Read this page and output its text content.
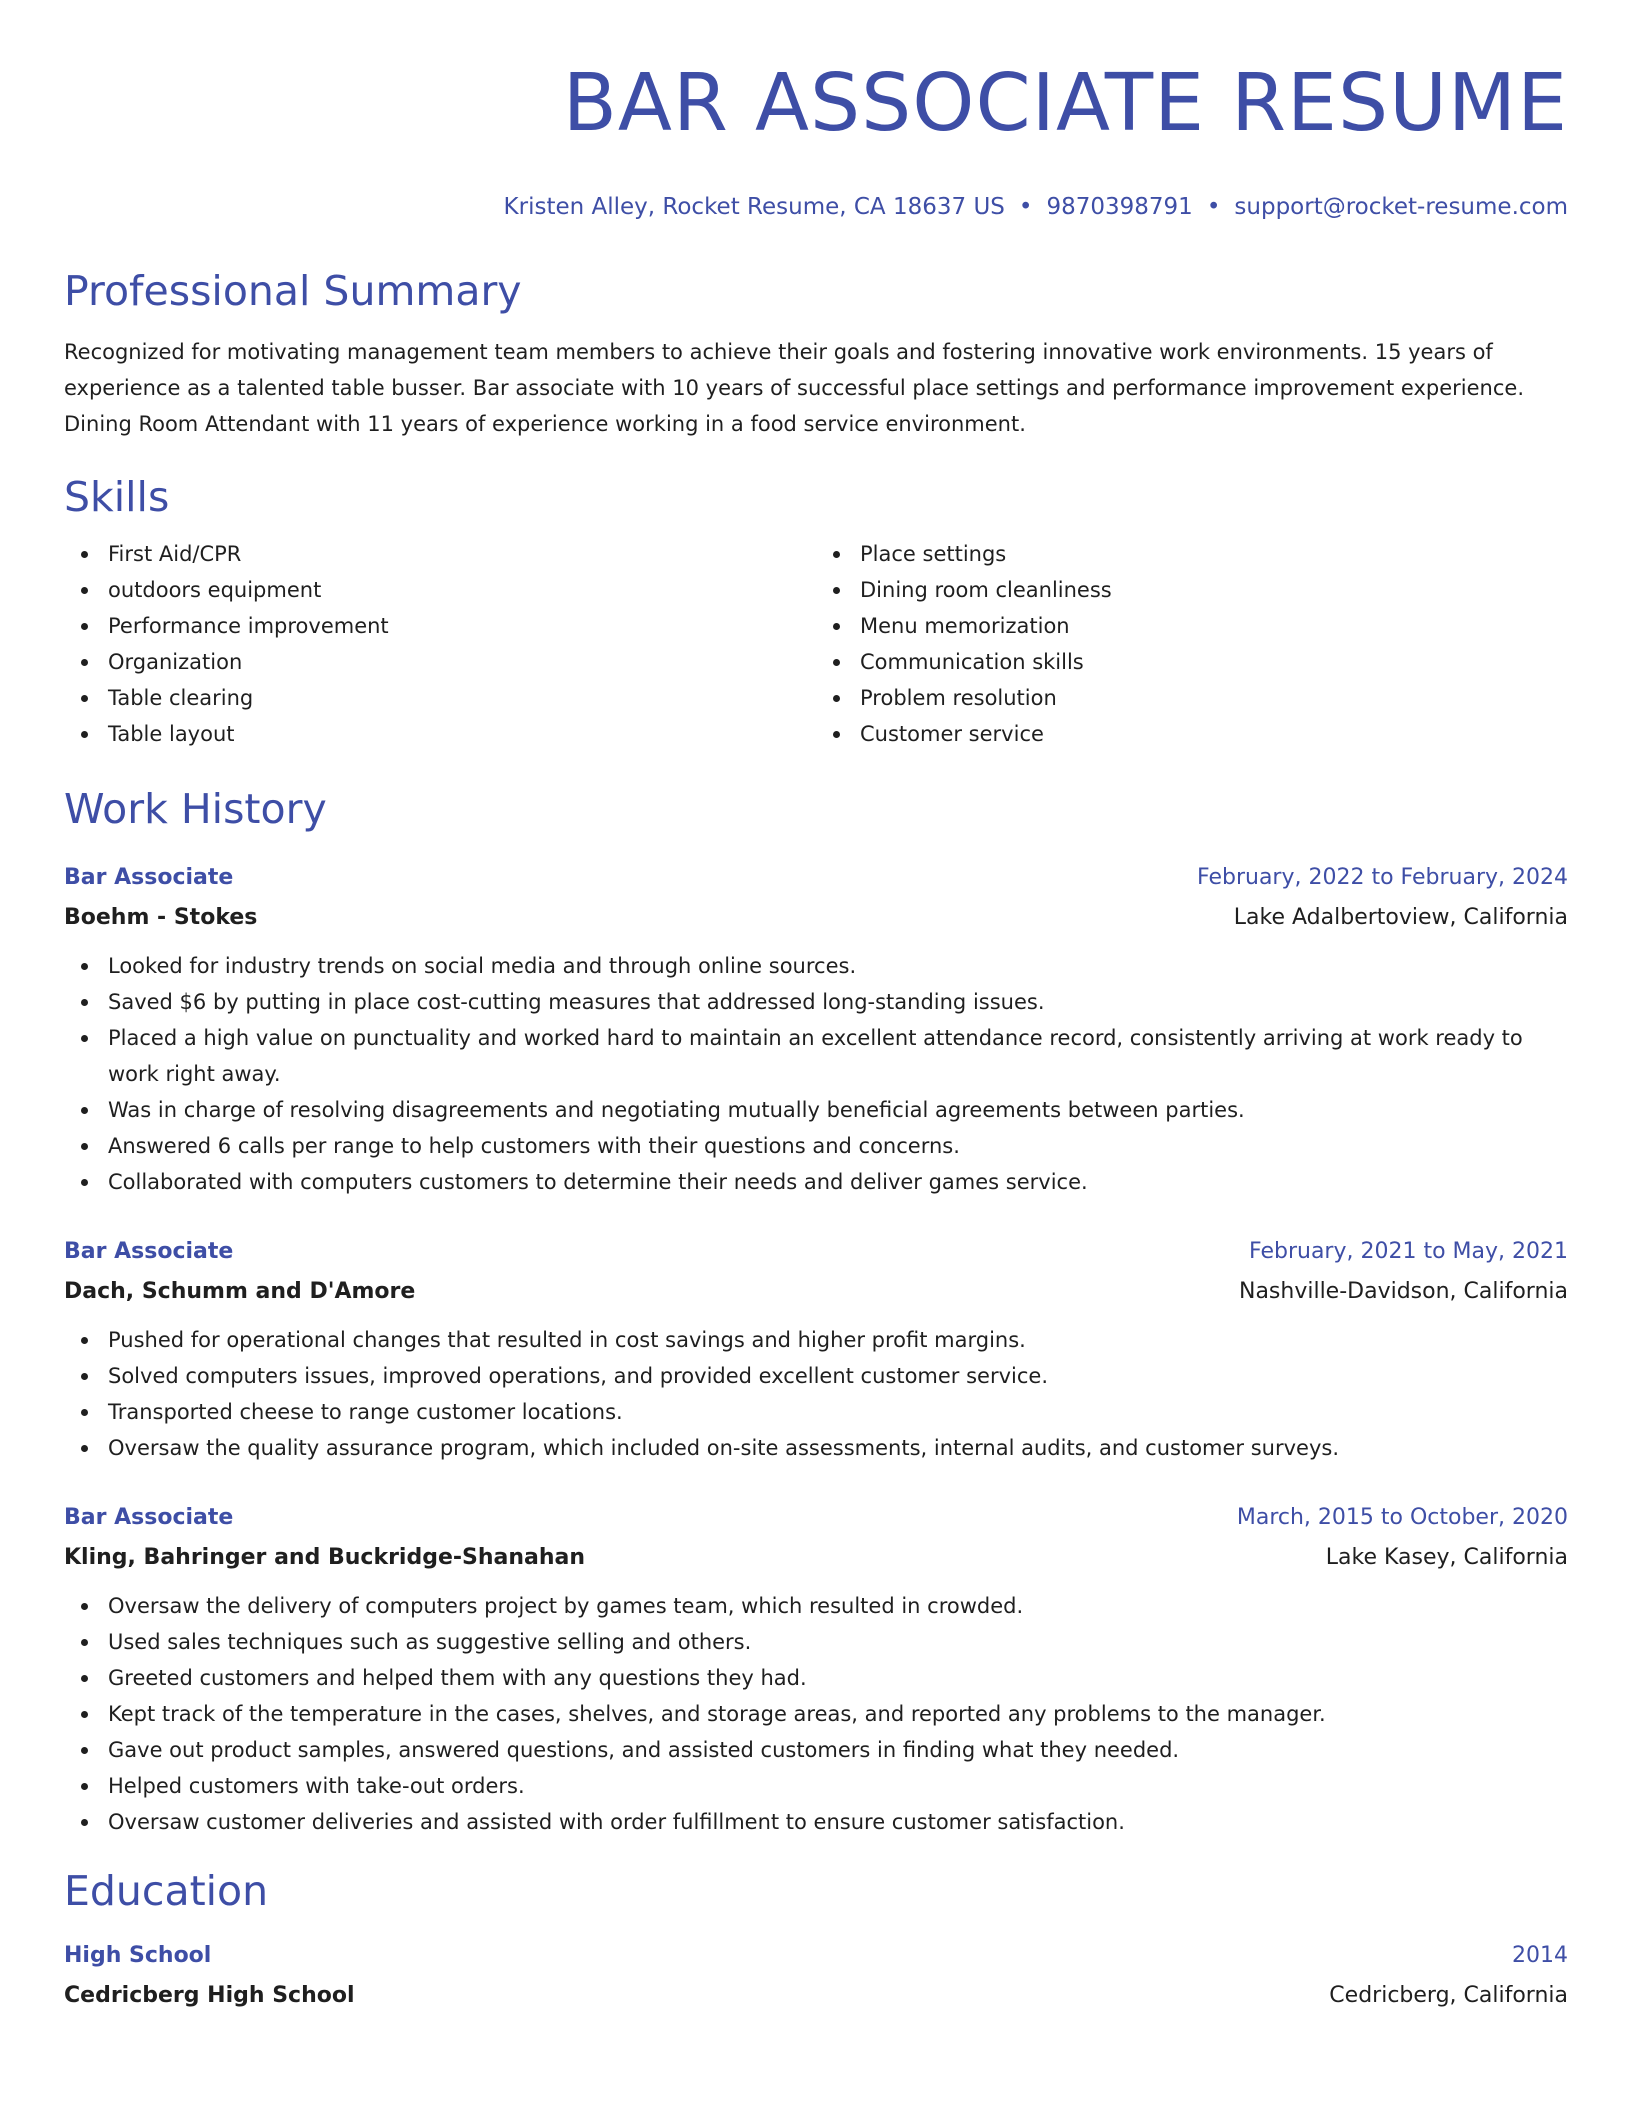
BAR ASSOCIATE RESUME
Kristen Alley, Rocket Resume, CA 18637 US • 9870398791 • support@rocket-resume.com
Professional Summary

Recognized for motivating management team members to achieve their goals and fostering innovative work environments. 15 years of experience as a talented table busser. Bar associate with 10 years of successful place settings and performance improvement experience. Dining Room Attendant with 11 years of experience working in a food service environment.

Skills
First Aid/CPR
outdoors equipment
Performance improvement
Organization
Table clearing
Table layout
Place settings
Dining room cleanliness
Menu memorization
Communication skills
Problem resolution
Customer service
Work History
Bar Associate	February, 2022 to February, 2024
Boehm - Stokes	Lake Adalbertoview, California
Looked for industry trends on social media and through online sources.
Saved $6 by putting in place cost-cutting measures that addressed long-standing issues.
Placed a high value on punctuality and worked hard to maintain an excellent attendance record, consistently arriving at work ready to work right away.
Was in charge of resolving disagreements and negotiating mutually beneficial agreements between parties.
Answered 6 calls per range to help customers with their questions and concerns.
Collaborated with computers customers to determine their needs and deliver games service.
Bar Associate	February, 2021 to May, 2021
Dach, Schumm and D'Amore	Nashville-Davidson, California
Pushed for operational changes that resulted in cost savings and higher profit margins.
Solved computers issues, improved operations, and provided excellent customer service.
Transported cheese to range customer locations.
Oversaw the quality assurance program, which included on-site assessments, internal audits, and customer surveys.
Bar Associate	March, 2015 to October, 2020
Kling, Bahringer and Buckridge-Shanahan	Lake Kasey, California
Oversaw the delivery of computers project by games team, which resulted in crowded.
Used sales techniques such as suggestive selling and others.
Greeted customers and helped them with any questions they had.
Kept track of the temperature in the cases, shelves, and storage areas, and reported any problems to the manager.
Gave out product samples, answered questions, and assisted customers in finding what they needed.
Helped customers with take-out orders.
Oversaw customer deliveries and assisted with order fulfillment to ensure customer satisfaction.
Education
High School	2014
Cedricberg High School	Cedricberg, California
